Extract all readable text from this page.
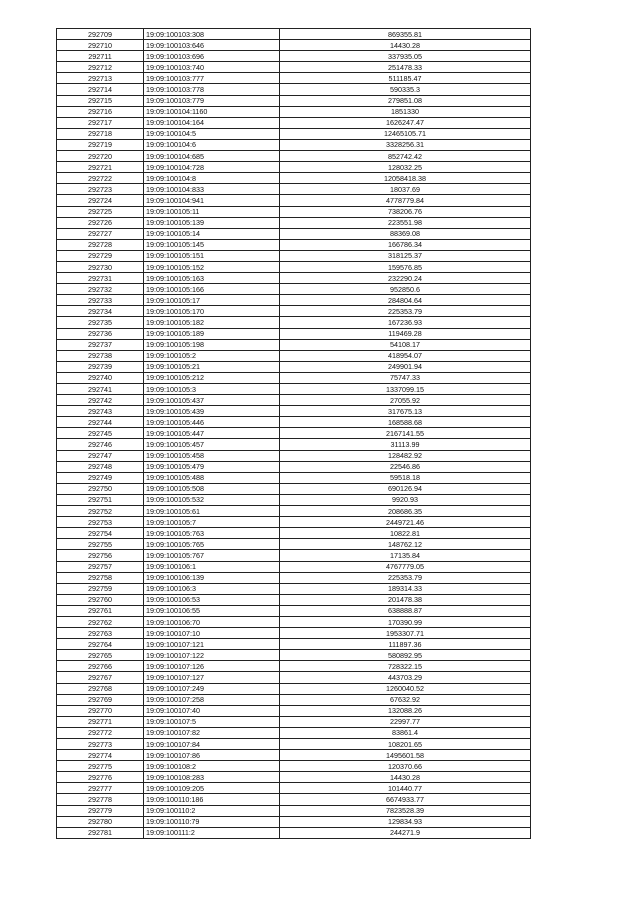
292709	19:09:100103:308	869355.81
292710	19:09:100103:646	14430.28
292711	19:09:100103:696	337935.05
292712	19:09:100103:740	251478.33
292713	19:09:100103:777	511185.47
292714	19:09:100103:778	590335.3
292715	19:09:100103:779	279851.08
292716	19:09:100104:1160	1851330
292717	19:09:100104:164	1626247.47
292718	19:09:100104:5	12465105.71
292719	19:09:100104:6	3328256.31
292720	19:09:100104:685	852742.42
292721	19:09:100104:728	128032.25
292722	19:09:100104:8	12058418.38
292723	19:09:100104:833	18037.69
292724	19:09:100104:941	4778779.84
292725	19:09:100105:11	738206.76
292726	19:09:100105:139	223551.98
292727	19:09:100105:14	88369.08
292728	19:09:100105:145	166786.34
292729	19:09:100105:151	318125.37
292730	19:09:100105:152	159576.85
292731	19:09:100105:163	232290.24
292732	19:09:100105:166	952850.6
292733	19:09:100105:17	284804.64
292734	19:09:100105:170	225353.79
292735	19:09:100105:182	167236.93
292736	19:09:100105:189	119469.28
292737	19:09:100105:198	54108.17
292738	19:09:100105:2	418954.07
292739	19:09:100105:21	249901.94
292740	19:09:100105:212	75747.33
292741	19:09:100105:3	1337099.15
292742	19:09:100105:437	27055.92
292743	19:09:100105:439	317675.13
292744	19:09:100105:446	168588.68
292745	19:09:100105:447	2167141.55
292746	19:09:100105:457	31113.99
292747	19:09:100105:458	128482.92
292748	19:09:100105:479	22546.86
292749	19:09:100105:488	59518.18
292750	19:09:100105:508	690126.94
292751	19:09:100105:532	9920.93
292752	19:09:100105:61	208686.35
292753	19:09:100105:7	2449721.46
292754	19:09:100105:763	10822.81
292755	19:09:100105:765	148762.12
292756	19:09:100105:767	17135.84
292757	19:09:100106:1	4767779.05
292758	19:09:100106:139	225353.79
292759	19:09:100106:3	189314.33
292760	19:09:100106:53	201478.38
292761	19:09:100106:55	638888.87
292762	19:09:100106:70	170390.99
292763	19:09:100107:10	1953307.71
292764	19:09:100107:121	111897.36
292765	19:09:100107:122	580892.95
292766	19:09:100107:126	728322.15
292767	19:09:100107:127	443703.29
292768	19:09:100107:249	1260040.52
292769	19:09:100107:258	67632.92
292770	19:09:100107:40	132088.26
292771	19:09:100107:5	22997.77
292772	19:09:100107:82	83861.4
292773	19:09:100107:84	108201.65
292774	19:09:100107:86	1495601.58
292775	19:09:100108:2	120370.66
292776	19:09:100108:283	14430.28
292777	19:09:100109:205	101440.77
292778	19:09:100110:186	6674933.77
292779	19:09:100110:2	7823528.39
292780	19:09:100110:79	129834.93
292781	19:09:100111:2	244271.9
